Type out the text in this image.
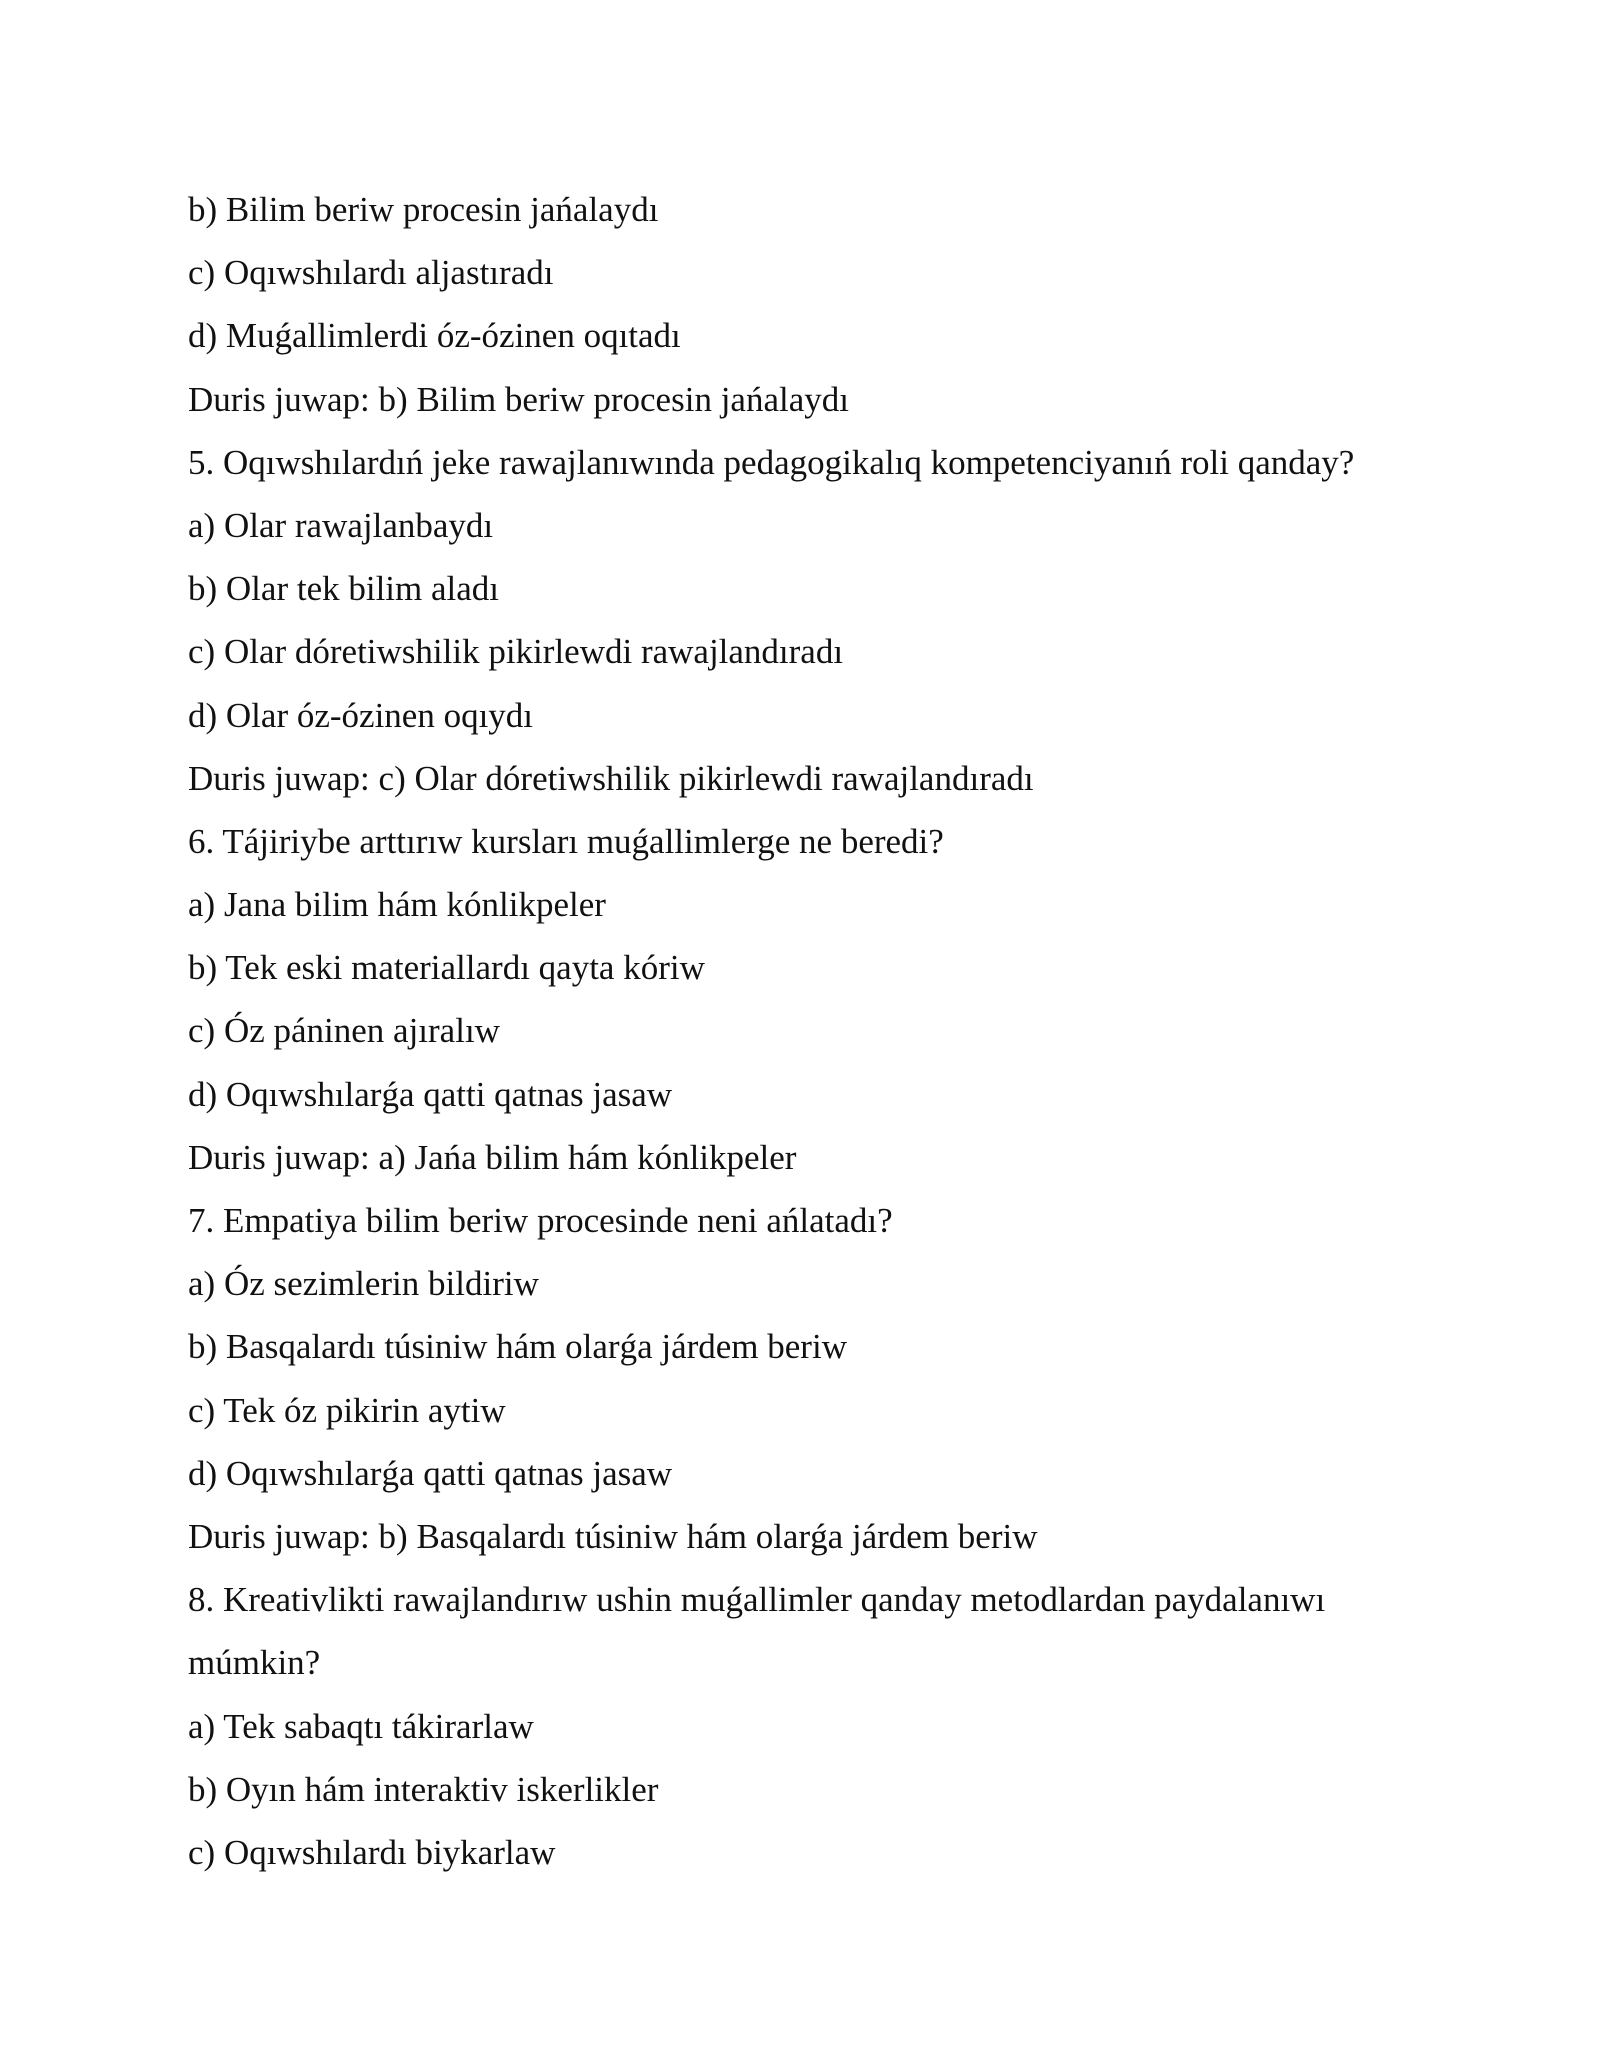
b) Bilim beriw procesin jańalaydı
c) Oqıwshılardı aljastıradı
d) Muǵallimlerdi óz-ózinen oqıtadı
Duris juwap: b) Bilim beriw procesin jańalaydı
5. Oqıwshılardıń jeke rawajlanıwında pedagogikalıq kompetenciyanıń roli qanday?
a) Olar rawajlanbaydı
b) Olar tek bilim aladı
c) Olar dóretiwshilik pikirlewdi rawajlandıradı
d) Olar óz-ózinen oqıydı
Duris juwap: c) Olar dóretiwshilik pikirlewdi rawajlandıradı
6. Tájiriybe arttırıw kursları muǵallimlerge ne beredi?
a) Jana bilim hám kónlikpeler
b) Tek eski materiallardı qayta kóriw
c) Óz páninen ajıralıw
d) Oqıwshılarǵa qatti qatnas jasaw
Duris juwap: a) Jańa bilim hám kónlikpeler
7. Empatiya bilim beriw procesinde neni ańlatadı?
a) Óz sezimlerin bildiriw
b) Basqalardı túsiniw hám olarǵa járdem beriw
c) Tek óz pikirin aytiw
d) Oqıwshılarǵa qatti qatnas jasaw
Duris juwap: b) Basqalardı túsiniw hám olarǵa járdem beriw
8. Kreativlikti rawajlandırıw ushin muǵallimler qanday metodlardan paydalanıwı
múmkin?
a) Tek sabaqtı tákirarlaw
b) Oyın hám interaktiv iskerlikler
c) Oqıwshılardı biykarlaw
